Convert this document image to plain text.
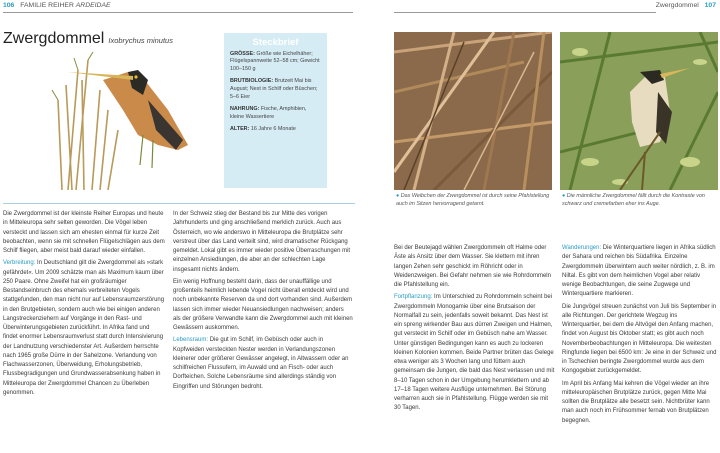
106 FAMILIE REIHER ARDEIDAE
Zwergdommel Ixobrychus minutus	Steckbrief

GRÖSSE: Größe wie Eichelhäher; Flügelspannweite 52–58 cm; Gewicht 100–150 g

BRUTBIOLOGIE: Brutzeit Mai bis August; Nest in Schilf oder Büschen; 5–6 Eier

NAHRUNG: Fische, Amphibien, kleine Wassertiere

ALTER: 16 Jahre 6 Monate

Die Zwergdommel ist der kleinste Reiher Europas und heute in Mitteleuropa sehr selten geworden. Die Vögel leben versteckt und lassen sich am ehesten einmal für kurze Zeit beobachten, wenn sie mit schnellen Flügelschlägen aus dem Schilf fliegen, aber meist bald darauf wieder einfallen.

Verbreitung: In Deutschland gilt die Zwergdommel als »stark gefährdet«. Um 2009 schätzte man als Maximum kaum über 250 Paare. Ohne Zweifel hat ein großräumiger Bestandseinbruch des ehemals verbreiteten Vogels stattgefunden, den man nicht nur auf Lebensraumzerstörung in den Brutgebieten, sondern auch wie bei einigen anderen Langstreckenziehern auf Vorgänge in den Rast- und Überwinterungsgebieten zurückführt. In Afrika fand und findet enormer Lebensraumverlust statt durch Intensivierung der Landnutzung verschiedenster Art. Außerdem herrschte nach 1965 große Dürre in der Sahelzone. Verlandung von Flachwasserzonen, Überweidung, Erholungsbetrieb, Flussbegradigungen und Grundwasserabsenkung haben in Mitteleuropa der Zwergdommel Chancen zu Überleben genommen.

In der Schweiz stieg der Bestand bis zur Mitte des vorigen Jahrhunderts und ging anschließend merklich zurück. Auch aus Österreich, wo wie anderswo in Mitteleuropa die Brutplätze sehr verstreut über das Land verteilt sind, wird dramatischer Rückgang gemeldet. Lokal gibt es immer wieder positive Überraschungen mit einzelnen Ansiedlungen, die aber an der schlechten Lage insgesamt nichts ändern.

Ein wenig Hoffnung besteht darin, dass der unauffällige und großenteils heimlich lebende Vogel nicht überall entdeckt wird und noch unbekannte Reserven da und dort vorhanden sind. Außerdem lassen sich immer wieder Neuansiedlungen nachweisen; anders als der größere Verwandte kann die Zwergdommel auch mit kleinen Gewässern auskommen.

Lebensraum: Die gut im Schilf, im Gebüsch oder auch in Kopfweiden versteckten Nester werden in Verlandungszonen kleinerer oder größerer Gewässer angelegt, in Altwassern oder an schilfreichen Flussufern, im Auwald und an Fisch- oder auch Dorfteichen. Solche Lebensräume sind allerdings ständig von Eingriffen und Störungen bedroht.

Zwergdommel 107
● Das Weibchen der Zwergdommel ist durch seine Pfahlstellung auch im Sitzen hervorragend getarnt.
● Die männliche Zwergdommel fällt durch die Kontraste von schwarz und cremefarben eher ins Auge.

Bei der Beutejagd wählen Zwergdommeln oft Halme oder Äste als Ansitz über dem Wasser. Sie klettern mit ihren langen Zehen sehr geschickt im Röhricht oder in Weidenzweigen. Bei Gefahr nehmen sie wie Rohrdommeln die Pfahlstellung ein.

Fortpflanzung: Im Unterschied zu Rohrdommeln scheint bei Zwergdommeln Monogamie über eine Brutsaison der Normalfall zu sein, jedenfalls soweit bekannt. Das Nest ist ein spreng wirkender Bau aus dürren Zweigen und Halmen, gut versteckt im Schilf oder im Gebüsch nahe am Wasser. Unter günstigen Bedingungen kann es auch zu lockeren kleinen Kolonien kommen. Beide Partner brüten das Gelege etwa weniger als 3 Wochen lang und füttern auch gemeinsam die Jungen, die bald das Nest verlassen und mit 8–10 Tagen schon in der Umgebung herumklettern und ab 17–18 Tagen weitere Ausflüge unternehmen. Bei Störung verharren auch sie in Pfahlstellung. Flügge werden sie mit 30 Tagen.

Wanderungen: Die Winterquartiere liegen in Afrika südlich der Sahara und reichen bis Südafrika. Einzelne Zwergdommeln überwintern auch weiter nördlich, z. B. im Niltal. Es gibt von dem heimlichen Vogel aber relativ wenige Beobachtungen, die seine Zugwege und Winterquartiere markieren.

Die Jungvögel streuen zunächst von Juli bis September in alle Richtungen. Der gerichtete Wegzug ins Winterquartier, bei dem die Altvögel den Anfang machen, findet von August bis Oktober statt; es gibt auch noch Novemberbeobachtungen in Mitteleuropa. Die weitesten Ringfunde liegen bei 6500 km: Je eine in der Schweiz und in Tschechien beringte Zwergdommel wurde aus dem Kongogebiet zurückgemeldet.

Im April bis Anfang Mai kehren die Vögel wieder an ihre mitteleuropäischen Brutplätze zurück, gegen Mitte Mai sollten die Brutplätze alle besetzt sein. Nichtbrüter kann man auch noch im Frühsommer fernab von Brutplätzen begegnen.
